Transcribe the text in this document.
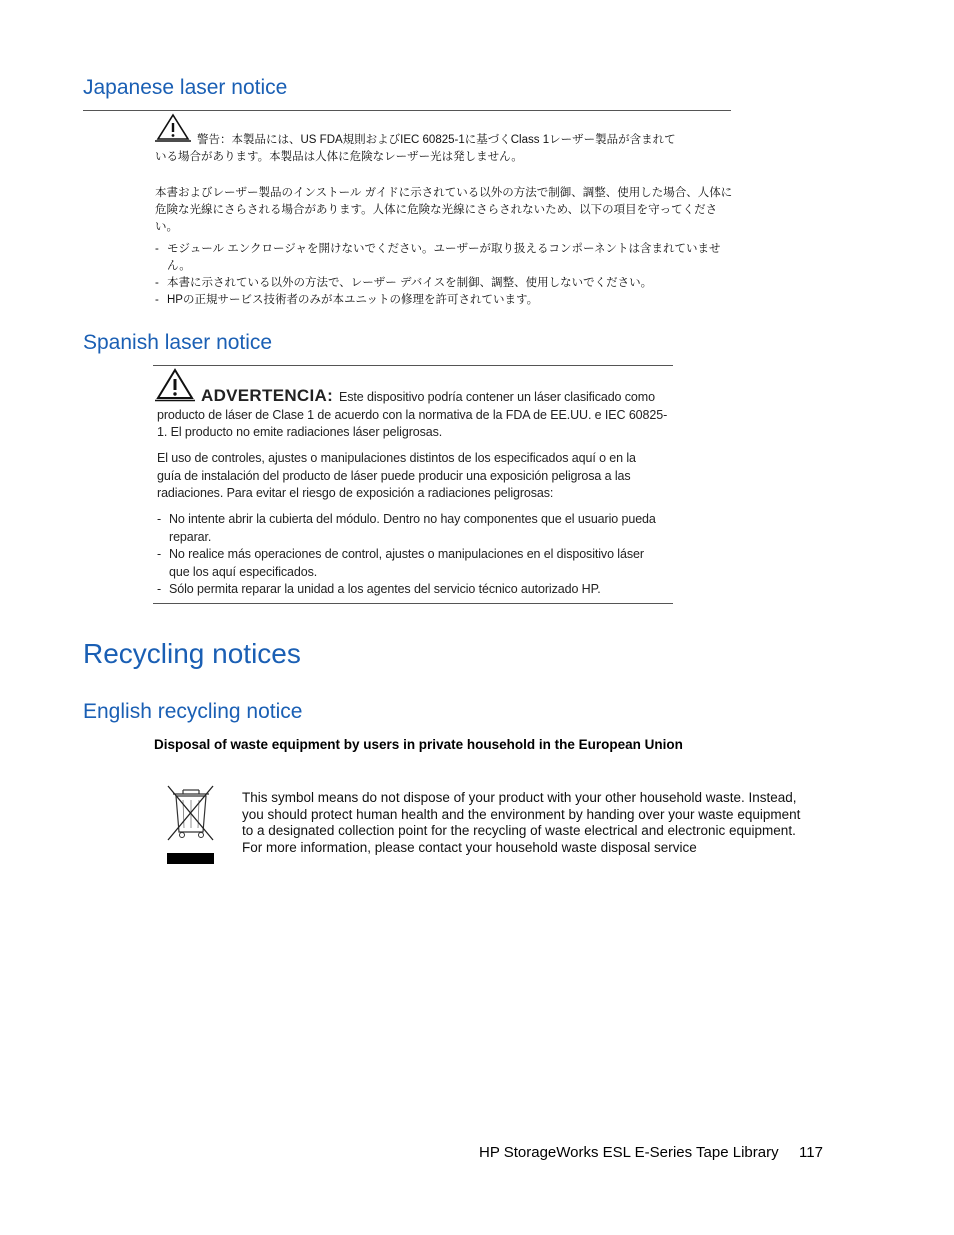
Japanese laser notice
警告：本製品には、US FDA規則およびIEC 60825-1に基づくClass 1レーザー製品が含まれて
いる場合があります。本製品は人体に危険なレーザー光は発しません。
本書およびレーザー製品のインストール ガイドに示されている以外の方法で制御、調整、使用した場合、人体に危険な光線にさらされる場合があります。人体に危険な光線にさらされないため、以下の項目を守ってください。
- モジュール エンクロージャを開けないでください。ユーザーが取り扱えるコンポーネントは含まれていません。
- 本書に示されている以外の方法で、レーザー デバイスを制御、調整、使用しないでください。
- HPの正規サービス技術者のみが本ユニットの修理を許可されています。
Spanish laser notice
ADVERTENCIA: Este dispositivo podría contener un láser clasificado como producto de láser de Clase 1 de acuerdo con la normativa de la FDA de EE.UU. e IEC 60825-1. El producto no emite radiaciones láser peligrosas.
El uso de controles, ajustes o manipulaciones distintos de los especificados aquí o en la guía de instalación del producto de láser puede producir una exposición peligrosa a las radiaciones. Para evitar el riesgo de exposición a radiaciones peligrosas:
- No intente abrir la cubierta del módulo. Dentro no hay componentes que el usuario pueda reparar.
- No realice más operaciones de control, ajustes o manipulaciones en el dispositivo láser que los aquí especificados.
- Sólo permita reparar la unidad a los agentes del servicio técnico autorizado HP.
Recycling notices
English recycling notice
Disposal of waste equipment by users in private household in the European Union
This symbol means do not dispose of your product with your other household waste. Instead, you should protect human health and the environment by handing over your waste equipment to a designated collection point for the recycling of waste electrical and electronic equipment. For more information, please contact your household waste disposal service
HP StorageWorks ESL E-Series Tape Library 117
